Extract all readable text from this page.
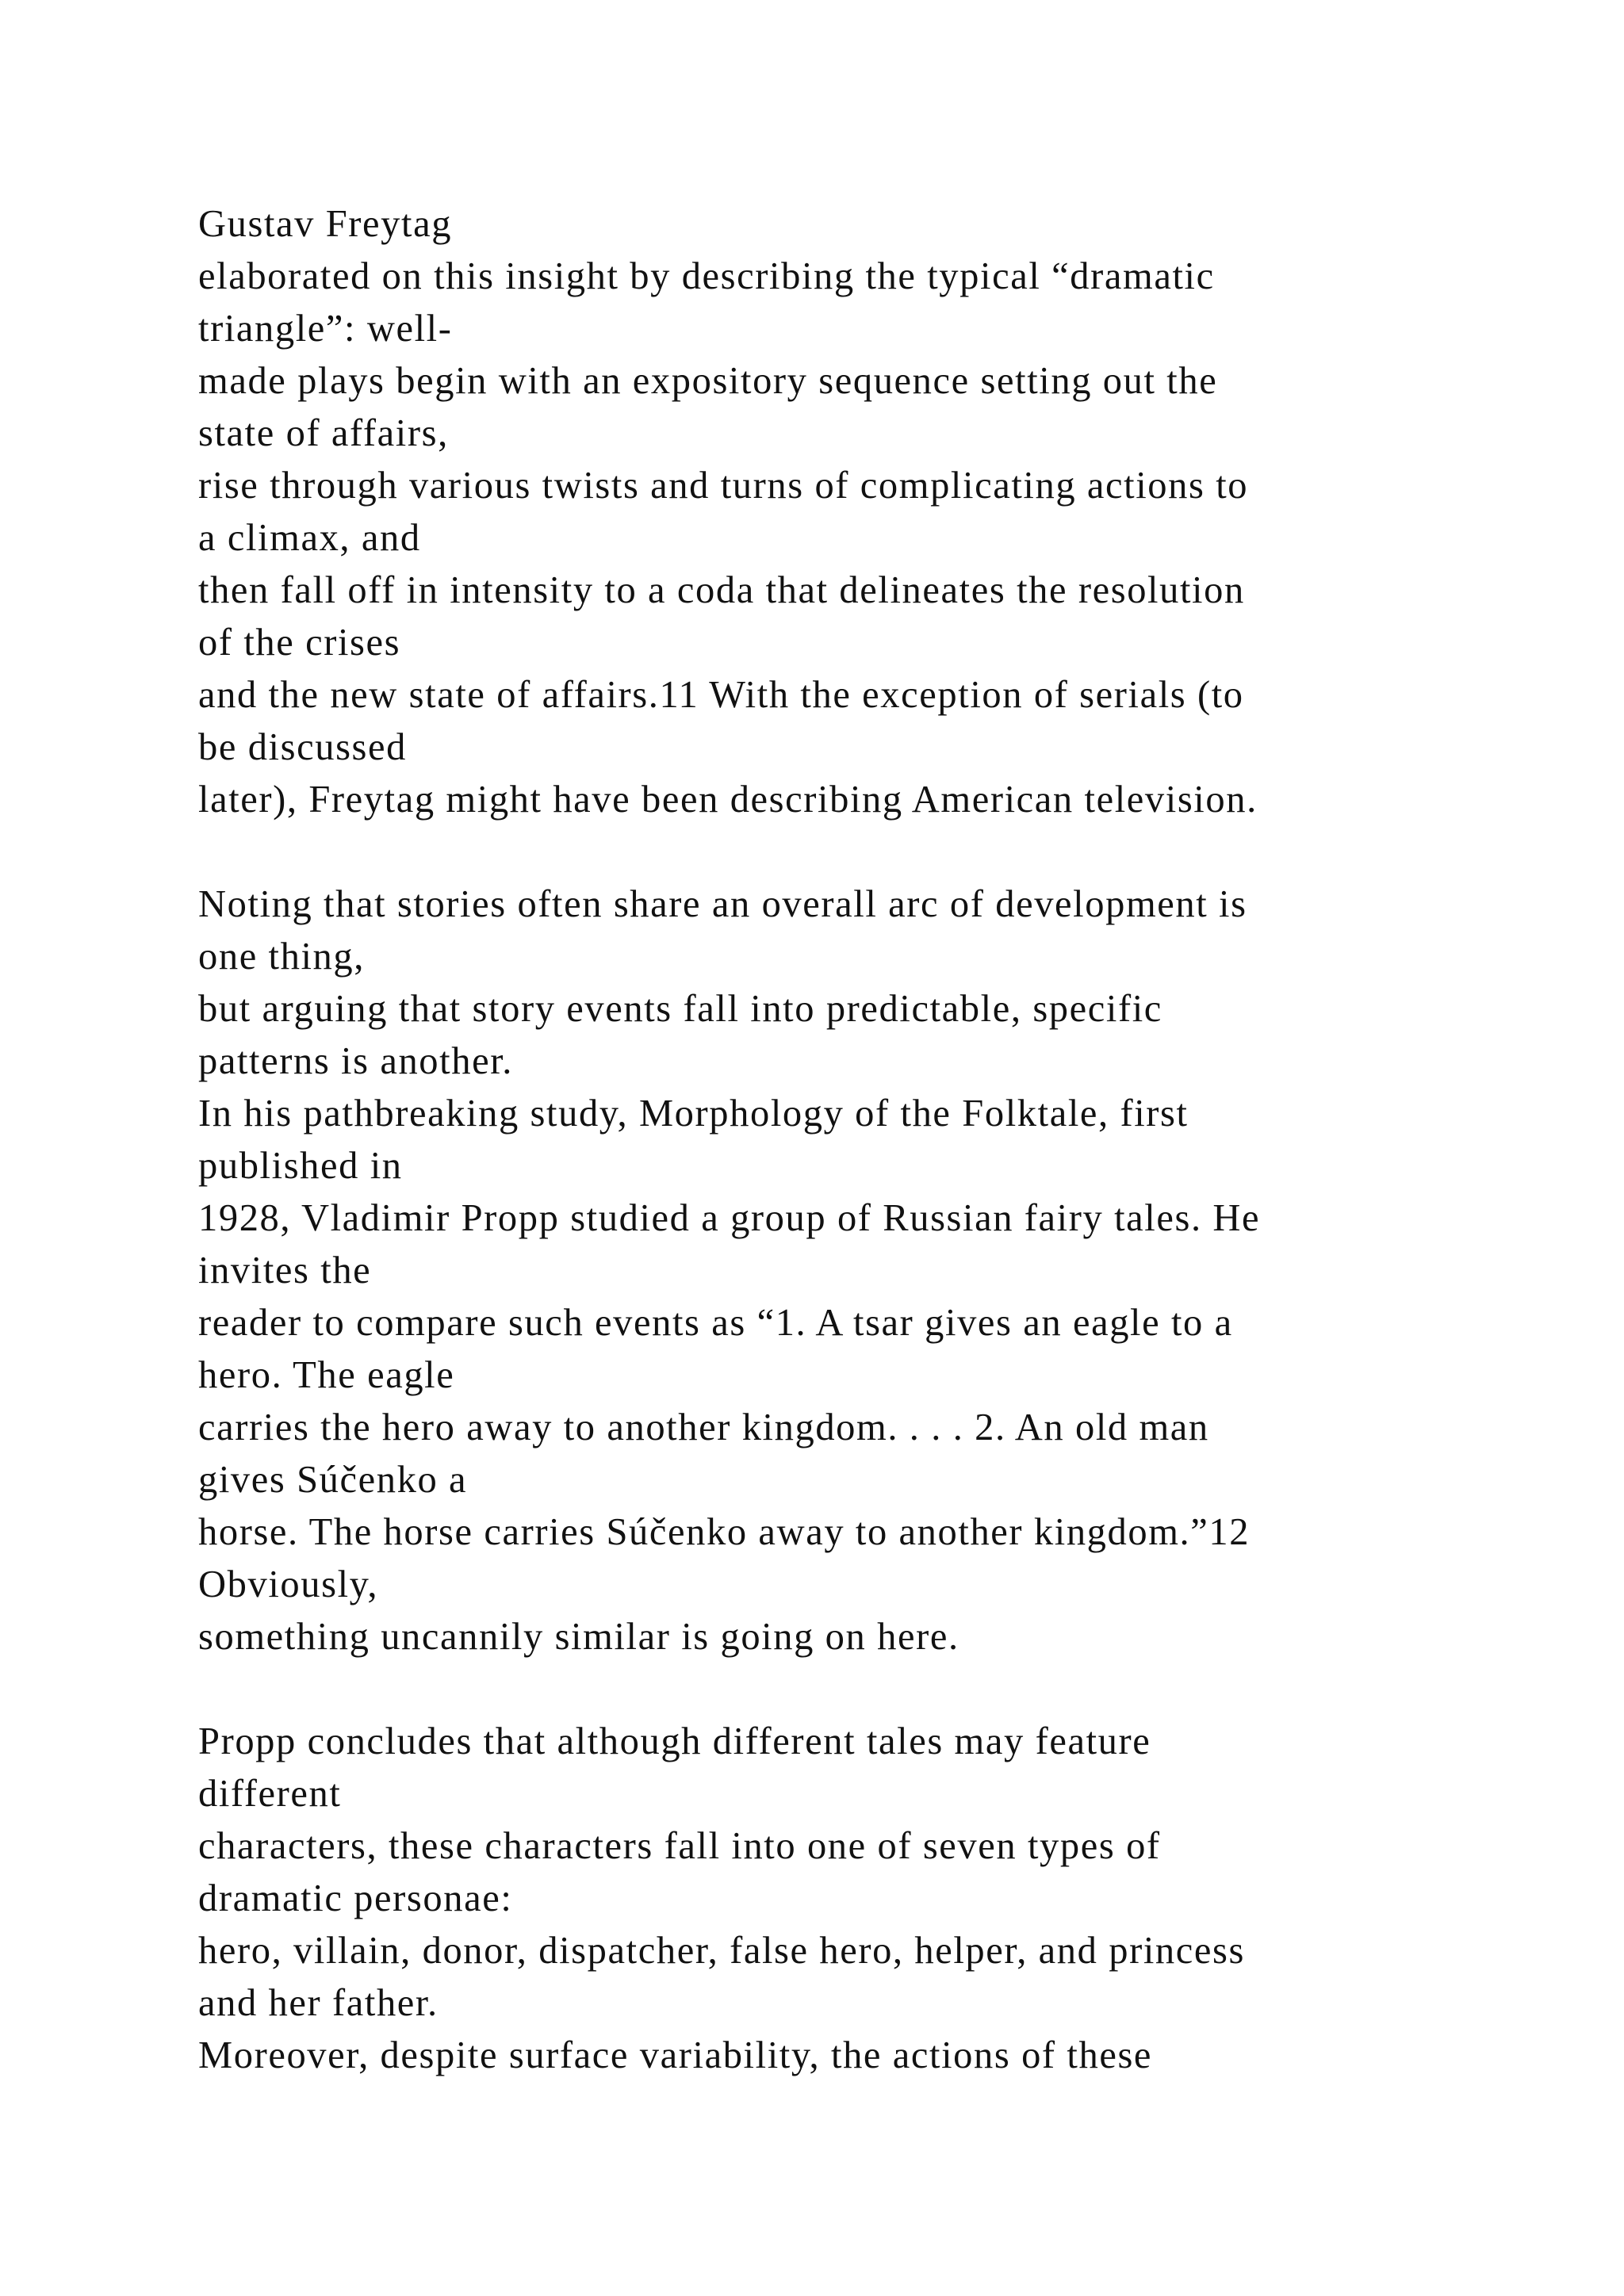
Gustav Freytag
elaborated on this insight by describing the typical “dramatic
triangle”: well-
made plays begin with an expository sequence setting out the
state of affairs,
rise through various twists and turns of complicating actions to
a climax, and
then fall off in intensity to a coda that delineates the resolution
of the crises
and the new state of affairs.11 With the exception of serials (to
be discussed
later), Freytag might have been describing American television.
Noting that stories often share an overall arc of development is
one thing,
but arguing that story events fall into predictable, specific
patterns is another.
In his pathbreaking study, Morphology of the Folktale, first
published in
1928, Vladimir Propp studied a group of Russian fairy tales. He
invites the
reader to compare such events as “1. A tsar gives an eagle to a
hero. The eagle
carries the hero away to another kingdom. . . . 2. An old man
gives Súčenko a
horse. The horse carries Súčenko away to another kingdom.”12
Obviously,
something uncannily similar is going on here.
Propp concludes that although different tales may feature
different
characters, these characters fall into one of seven types of
dramatic personae:
hero, villain, donor, dispatcher, false hero, helper, and princess
and her father.
Moreover, despite surface variability, the actions of these
